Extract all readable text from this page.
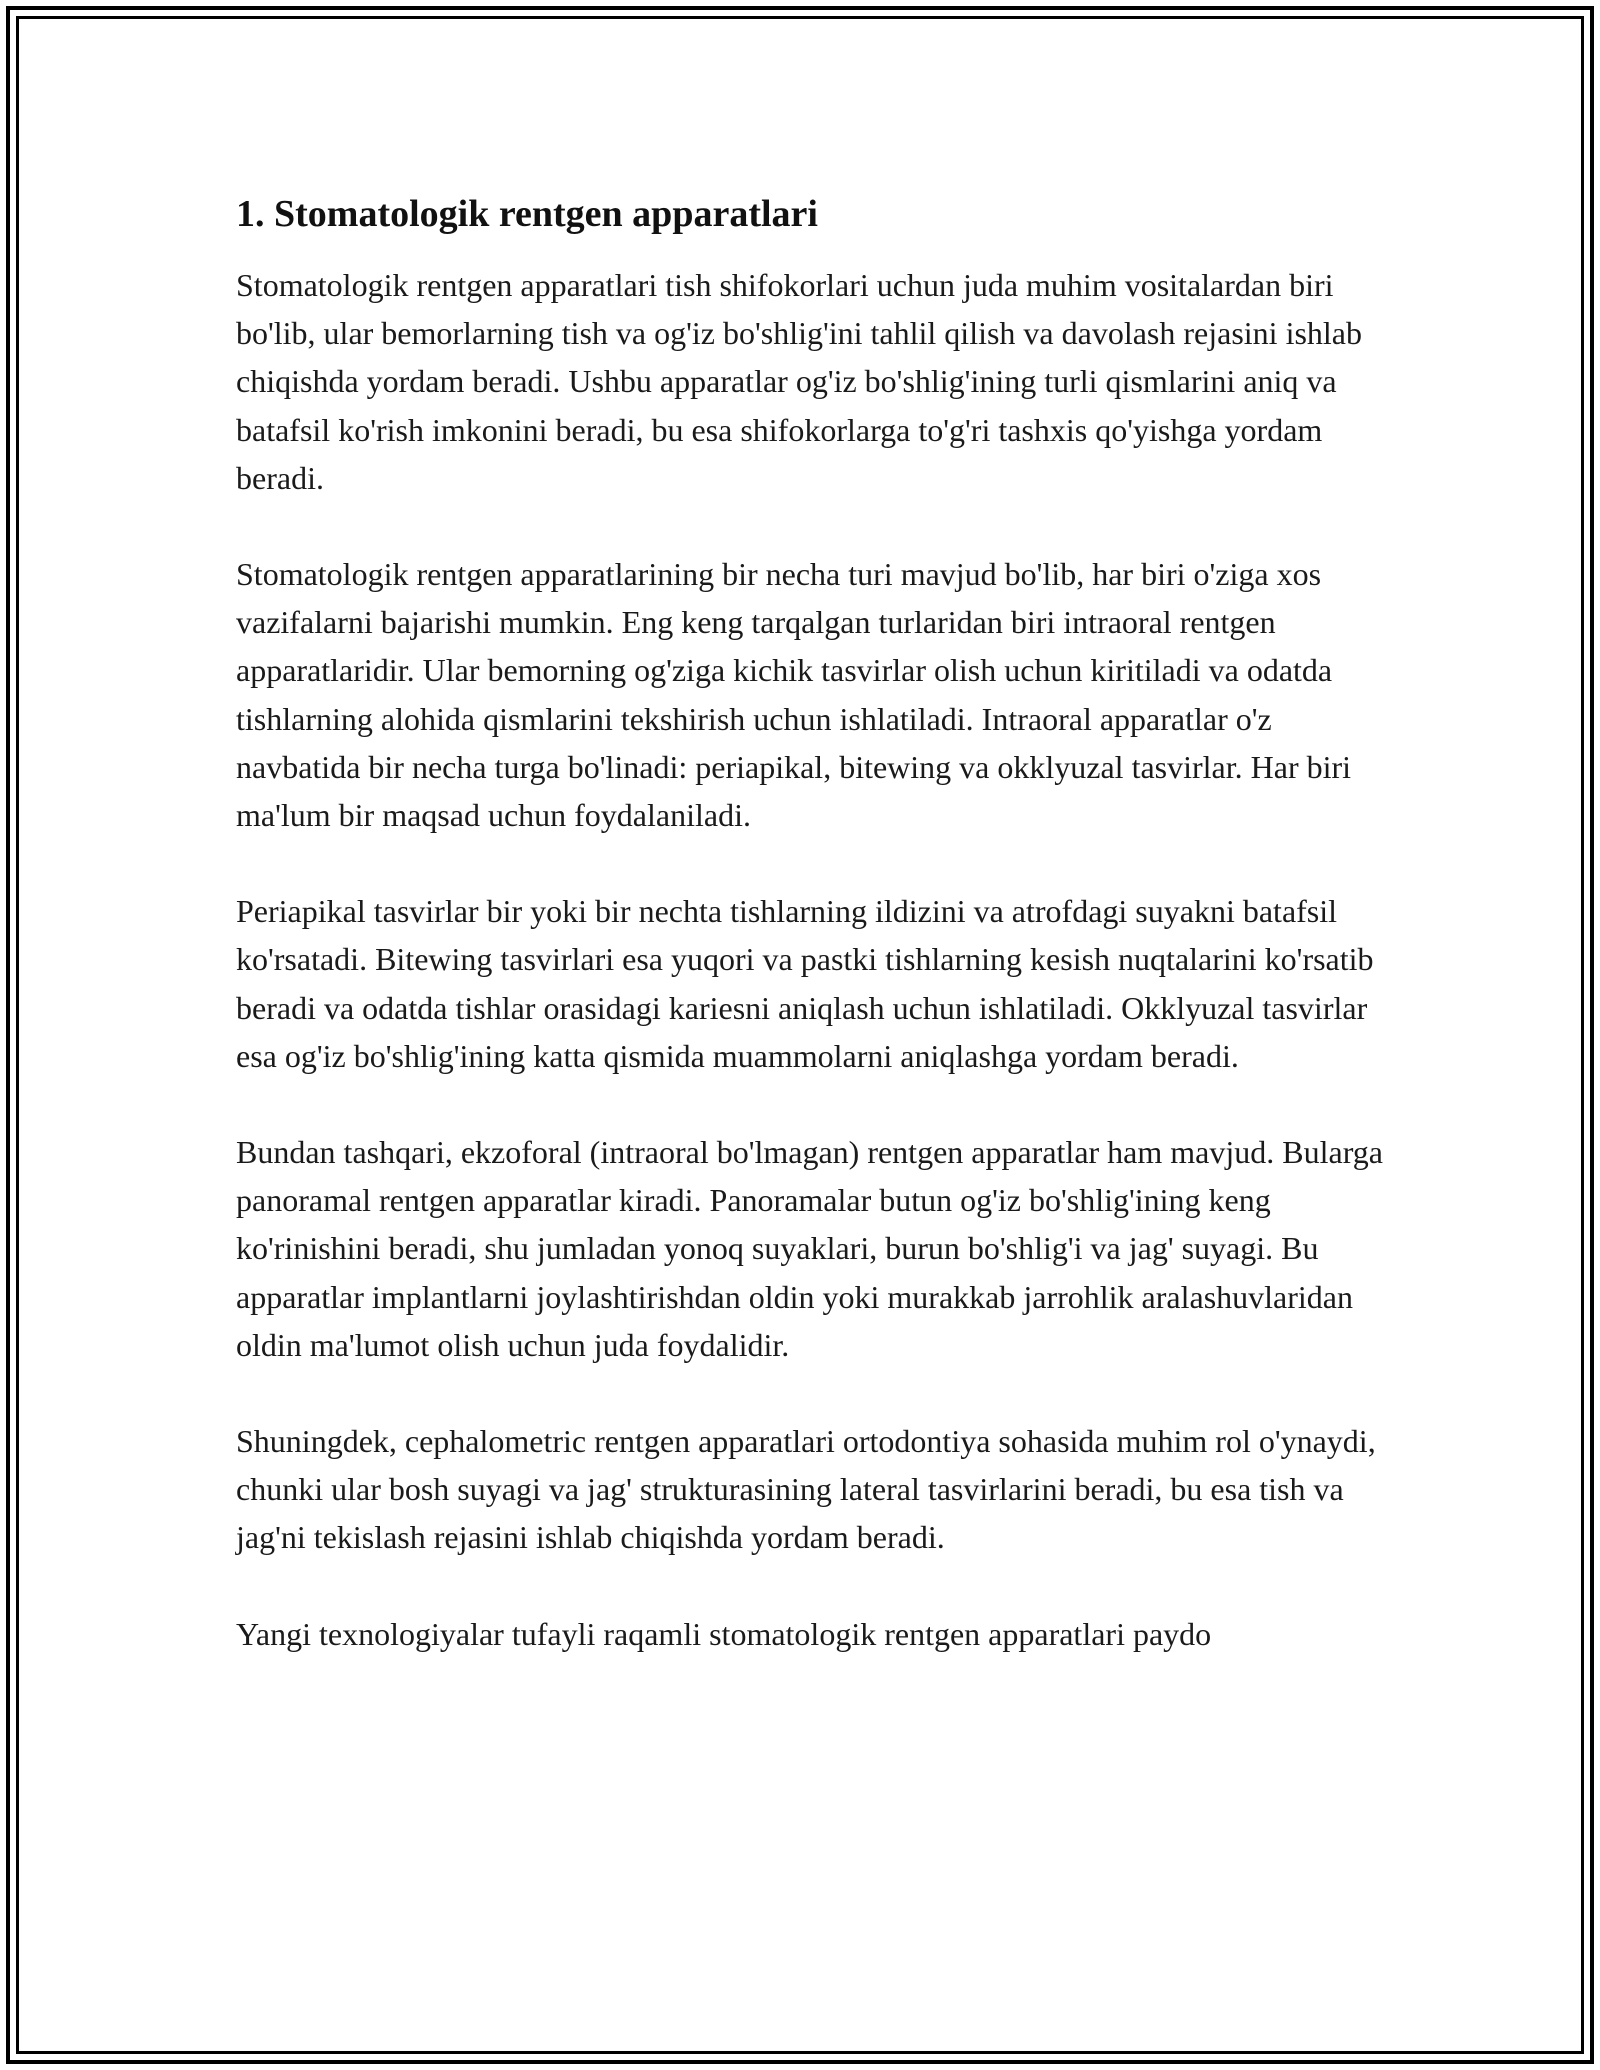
1. Stomatologik rentgen apparatlari

Stomatologik rentgen apparatlari tish shifokorlari uchun juda muhim vositalardan biri bo'lib, ular bemorlarning tish va og'iz bo'shlig'ini tahlil qilish va davolash rejasini ishlab chiqishda yordam beradi. Ushbu apparatlar og'iz bo'shlig'ining turli qismlarini aniq va batafsil ko'rish imkonini beradi, bu esa shifokorlarga to'g'ri tashxis qo'yishga yordam beradi.

Stomatologik rentgen apparatlarining bir necha turi mavjud bo'lib, har biri o'ziga xos vazifalarni bajarishi mumkin. Eng keng tarqalgan turlaridan biri intraoral rentgen apparatlaridir. Ular bemorning og'ziga kichik tasvirlar olish uchun kiritiladi va odatda tishlarning alohida qismlarini tekshirish uchun ishlatiladi. Intraoral apparatlar o'z navbatida bir necha turga bo'linadi: periapikal, bitewing va okklyuzal tasvirlar. Har biri ma'lum bir maqsad uchun foydalaniladi.

Periapikal tasvirlar bir yoki bir nechta tishlarning ildizini va atrofdagi suyakni batafsil ko'rsatadi. Bitewing tasvirlari esa yuqori va pastki tishlarning kesish nuqtalarini ko'rsatib beradi va odatda tishlar orasidagi kariesni aniqlash uchun ishlatiladi. Okklyuzal tasvirlar esa og'iz bo'shlig'ining katta qismida muammolarni aniqlashga yordam beradi.

Bundan tashqari, ekzoforal (intraoral bo'lmagan) rentgen apparatlar ham mavjud. Bularga panoramal rentgen apparatlar kiradi. Panoramalar butun og'iz bo'shlig'ining keng ko'rinishini beradi, shu jumladan yonoq suyaklari, burun bo'shlig'i va jag' suyagi. Bu apparatlar implantlarni joylashtirishdan oldin yoki murakkab jarrohlik aralashuvlaridan oldin ma'lumot olish uchun juda foydalidir.

Shuningdek, cephalometric rentgen apparatlari ortodontiya sohasida muhim rol o'ynaydi, chunki ular bosh suyagi va jag' strukturasining lateral tasvirlarini beradi, bu esa tish va jag'ni tekislash rejasini ishlab chiqishda yordam beradi.

Yangi texnologiyalar tufayli raqamli stomatologik rentgen apparatlari paydo
